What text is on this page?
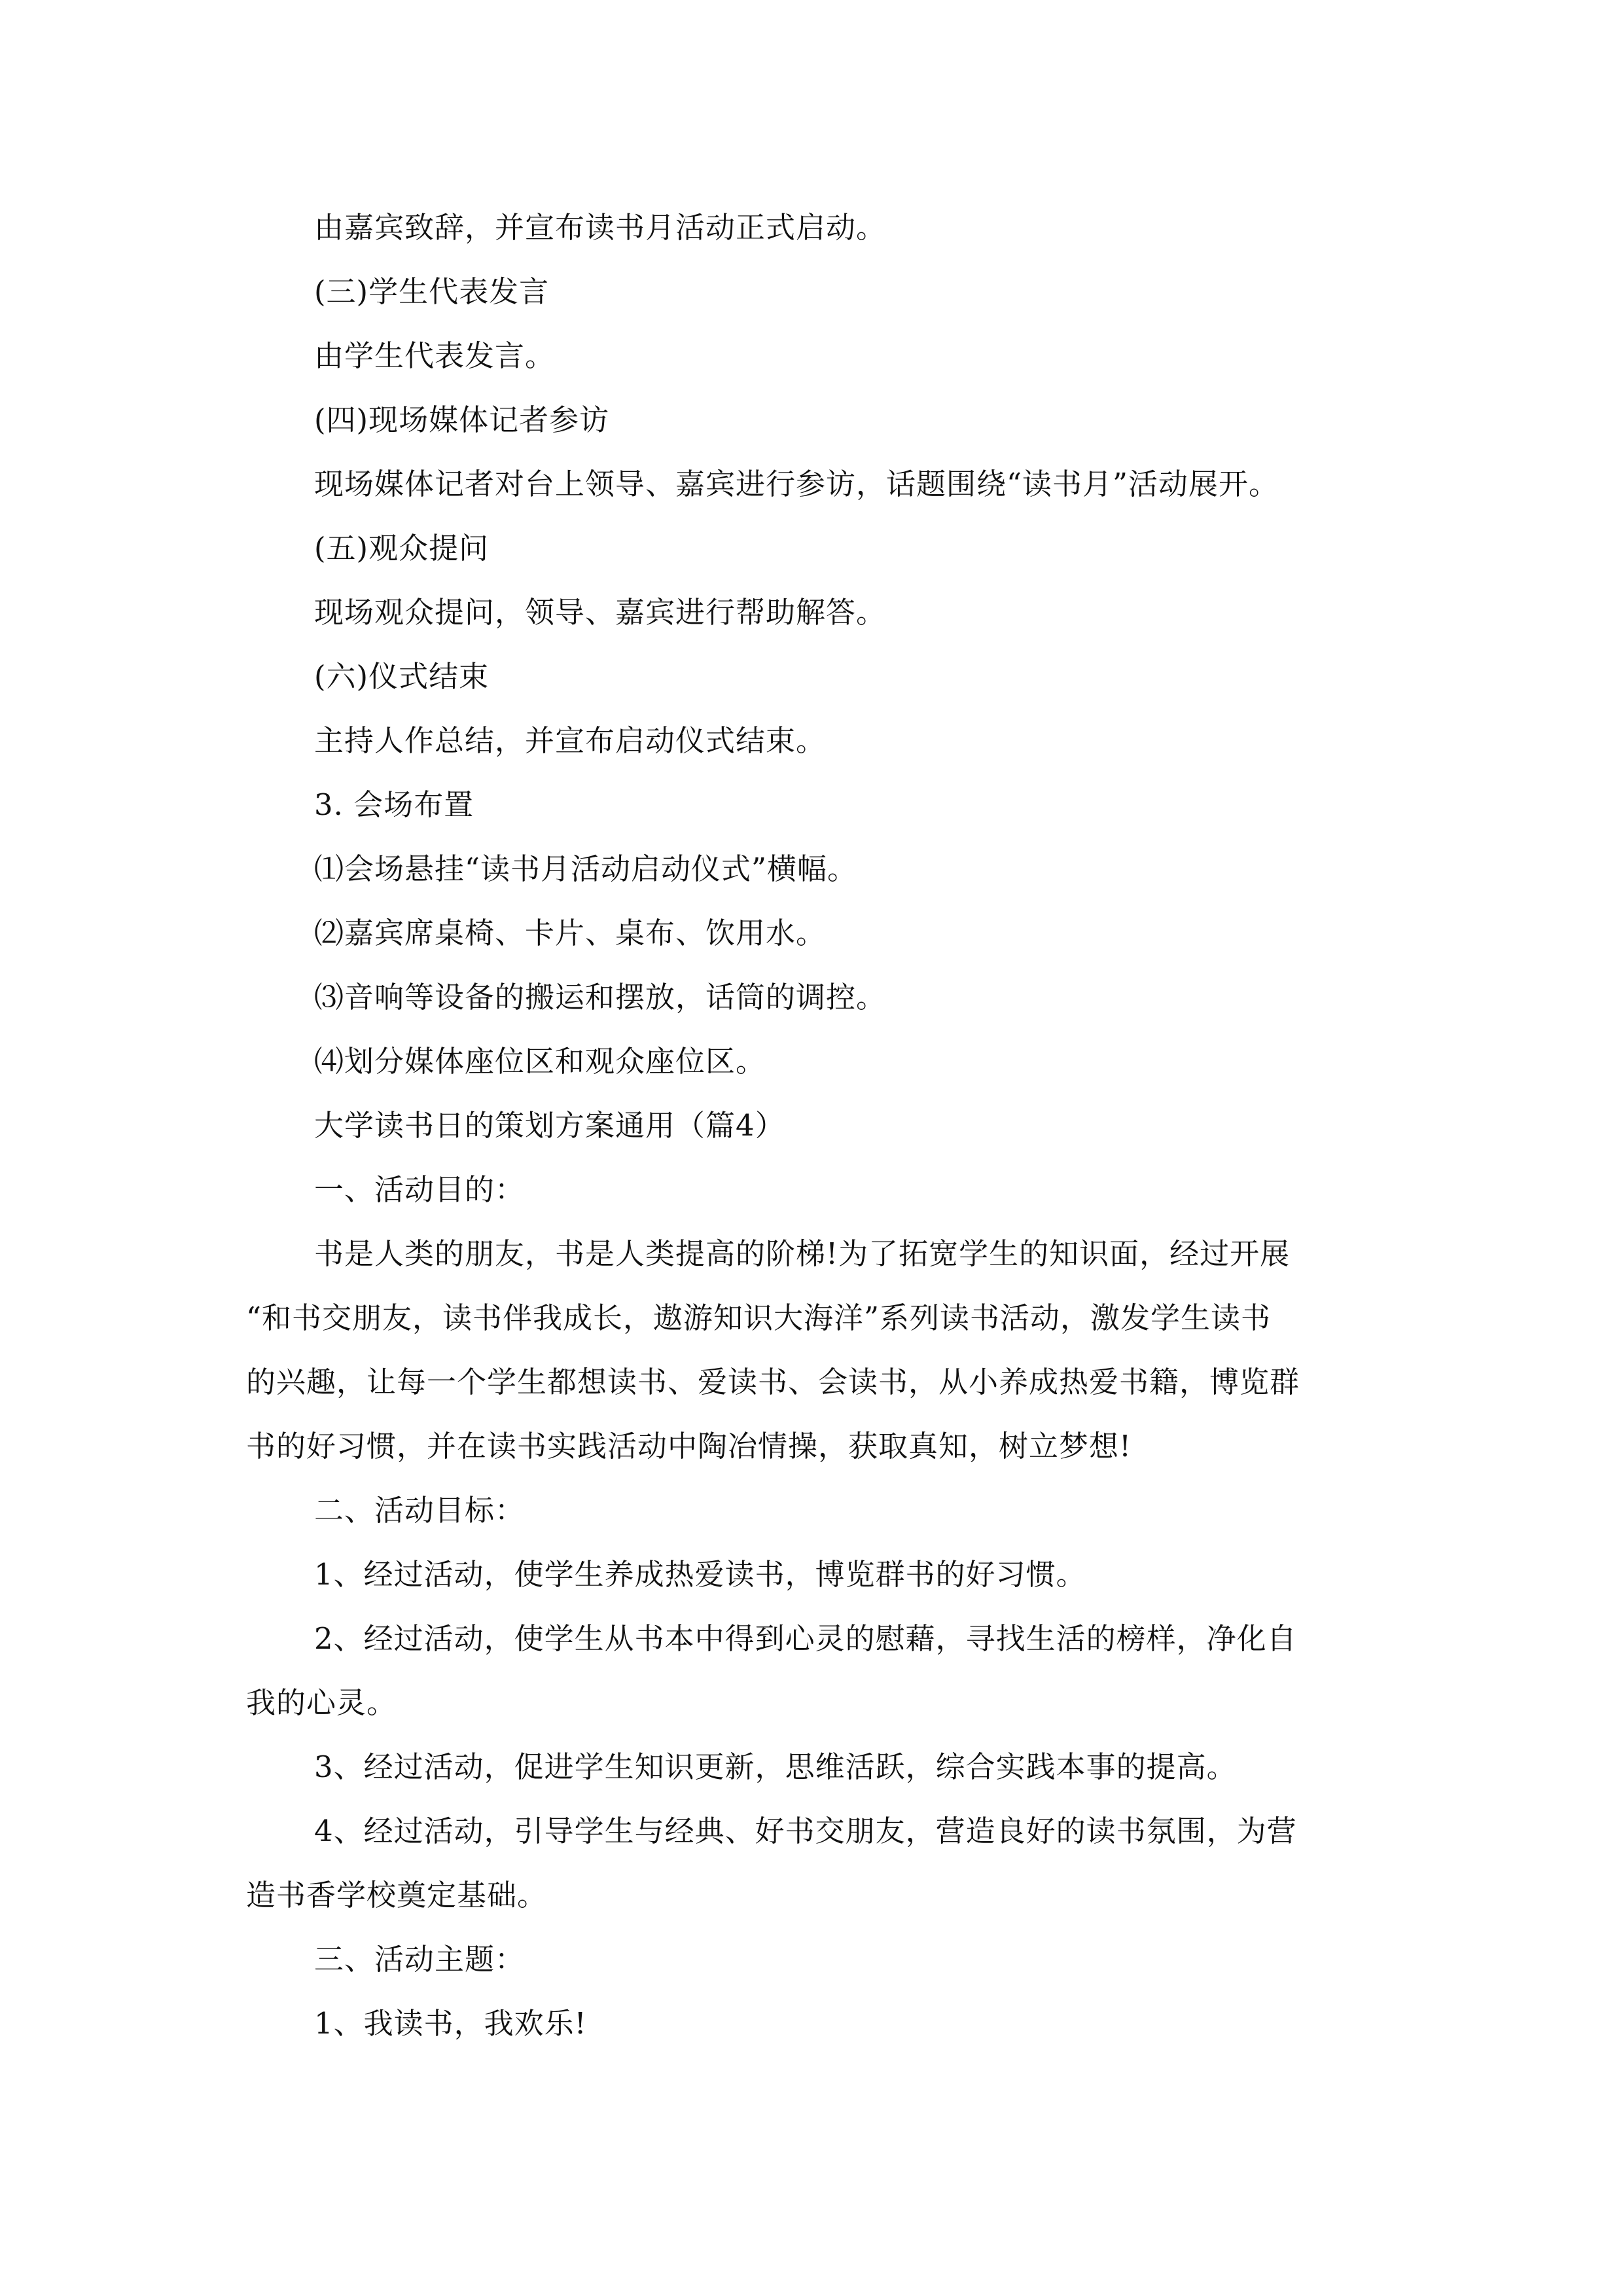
由嘉宾致辞，并宣布读书月活动正式启动。
(三)学生代表发言
由学生代表发言。
(四)现场媒体记者参访
现场媒体记者对台上领导、嘉宾进行参访，话题围绕“读书月”活动展开。
(五)观众提问
现场观众提问，领导、嘉宾进行帮助解答。
(六)仪式结束
主持人作总结，并宣布启动仪式结束。
3. 会场布置
⑴会场悬挂“读书月活动启动仪式”横幅。
⑵嘉宾席桌椅、卡片、桌布、饮用水。
⑶音响等设备的搬运和摆放，话筒的调控。
⑷划分媒体座位区和观众座位区。
大学读书日的策划方案通用（篇4）
一、活动目的：
书是人类的朋友，书是人类提高的阶梯!为了拓宽学生的知识面，经过开展
“和书交朋友，读书伴我成长，遨游知识大海洋”系列读书活动，激发学生读书
的兴趣，让每一个学生都想读书、爱读书、会读书，从小养成热爱书籍，博览群
书的好习惯，并在读书实践活动中陶冶情操，获取真知，树立梦想!
二、活动目标：
1、经过活动，使学生养成热爱读书，博览群书的好习惯。
2、经过活动，使学生从书本中得到心灵的慰藉，寻找生活的榜样，净化自
我的心灵。
3、经过活动，促进学生知识更新，思维活跃，综合实践本事的提高。
4、经过活动，引导学生与经典、好书交朋友，营造良好的读书氛围，为营
造书香学校奠定基础。
三、活动主题：
1、我读书，我欢乐!
